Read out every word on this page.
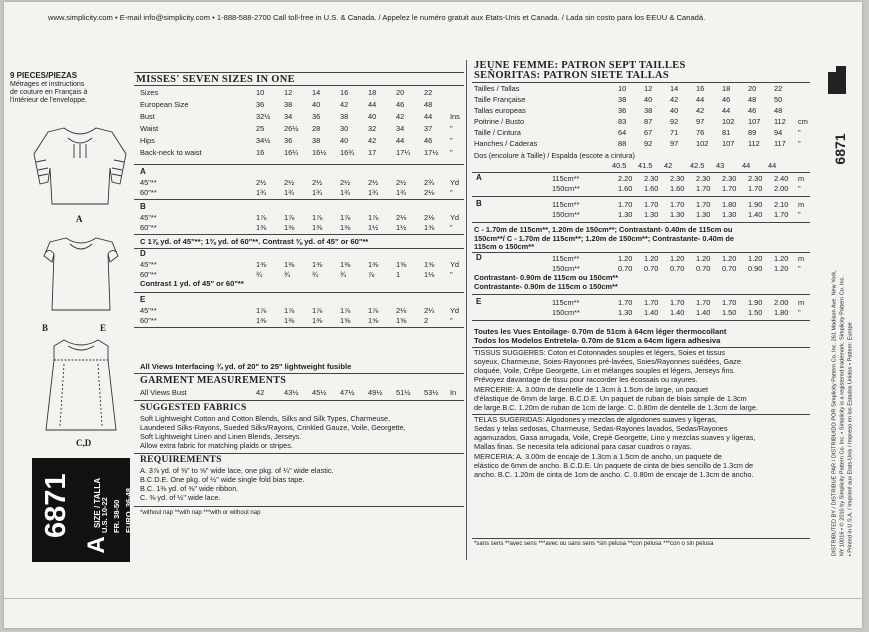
www.simplicity.com • E-mail info@simplicity.com • 1-888-588-2700 Call toll-free in U.S. & Canada. / Appelez le numéro gratuit aux Etats-Unis et Canada. / Lada sin costo para los EEUU & Canadá.
9 PIECES/PIEZAS
Métrages et instructions
de couture en Français à
l'intérieur de l'enveloppe.
A
B	E
C,D
6871	SIZE / TALLA
A
U.S. 10-22 FR. 38-50 EURO. 36-48
MISSES' SEVEN SIZES IN ONE
Sizes	10	12	14	16	18	20	22
European Size	36	38	40	42	44	46	48
Bust	32½ 34	36	38	40	42	44 Ins
Waist	25	26½ 28	30	32	34	37 "
Hips	34½ 36	38	40	42	44	46 "
Back-neck to waist	16	16¼ 16½ 16¾ 17	17¼ 17½ "
A
45"**	2½ 2½ 2½ 2½ 2½ 2½ 2¾ Yd
60"**	1¾ 1¾ 1¾ 1¾ 1¾ 1¾ 2⅛ "
B
45"**	1⅞ 1⅞ 1⅞ 1⅞ 1⅞ 2⅛ 2⅛ Yd
60"**	1⅜ 1⅜ 1⅜ 1⅜ 1½ 1½ 1⅝ "
C 1⅞ yd. of 45"**; 1⅜ yd. of 60"**. Contrast ⅜ yd. of 45" or 60"**
D
45"**	1⅜ 1⅜ 1⅜ 1⅜ 1⅜ 1⅝ 1⅝ Yd
60"**	¾	¾	¾	¾	⅞	1	1⅛ "
Contrast 1 yd. of 45" or 60"**
E
45"**	1⅞ 1⅞ 1⅞ 1⅞ 1⅞ 2⅛ 2¼ Yd
60"**	1⅜ 1⅜ 1⅜ 1⅝ 1⅝ 1⅝ 2	"
All Views Interfacing ¾ yd. of 20" to 25" lightweight fusible
GARMENT MEASUREMENTS
All Views Bust	42	43½ 45½ 47½ 49½ 51½ 53½ In
SUGGESTED FABRICS
Soft Lightweight Cotton and Cotton Blends, Silks and Silk Types, Charmeuse,
Laundered Silks-Rayons, Sueded Silks/Rayons, Crinkled Gauze, Voile, Georgette,
Soft Lightweight Linen and Linen Blends, Jerseys.
Allow extra fabric for matching plaids or stripes.
REQUIREMENTS
A. 3⅞ yd. of ⅜" to ⅝" wide lace, one pkg. of ¼" wide elastic.
B.C.D.E. One pkg. of ½" wide single fold bias tape.
B.C. 1⅜ yd. of ⅜" wide ribbon.
C. ⅜ yd. of ½" wide lace.
*without nap **with nap ***with or without nap
JEUNE FEMME: PATRON SEPT TAILLES
SEÑORITAS: PATRON SIETE TALLAS
Tailles / Tallas	10 12 14 16 18 20 22
Taille Française	38 40 42 44 46 48 50
Tallas europeas	36 38 40 42 44 46 48
Poitrine / Busto	83 87 92 97 102 107 112 cm
Taille / Cintura	64 67 71 76 81 89 94 "
Hanches / Caderas	88 92 97 102 107 112 117 "
Dos (encolure à Taille) / Espalda (escote a cintura)
40.5 41.5 42 42.5 43 44 44
A	115cm**	2.20 2.30 2.30 2.30 2.30 2.30 2.40 m
150cm**	1.60 1.60 1.60 1.70 1.70 1.70 2.00 "
B	115cm**	1.70 1.70 1.70 1.70 1.80 1.90 2.10 m
150cm**	1.30 1.30 1.30 1.30 1.30 1.40 1.70 "
C - 1.70m de 115cm**, 1.20m de 150cm**; Contrastant- 0.40m de 115cm ou
150cm**/ C - 1.70m de 115cm**; 1.20m de 150cm**; Contrastante- 0.40m de
115cm o 150cm**
D	115cm**	1.20 1.20 1.20 1.20 1.20 1.20 1.20 m
150cm**	0.70 0.70 0.70 0.70 0.70 0.90 1.20 "
Contrastant- 0.90m de 115cm ou 150cm**
Contrastante- 0.90m de 115cm o 150cm**
E	115cm**	1.70 1.70 1.70 1.70 1.70 1.90 2.00 m
150cm**	1.30 1.40 1.40 1.40 1.50 1.50 1.80 "
Toutes les Vues Entoilage- 0.70m de 51cm à 64cm léger thermocollant
Todos los Modelos Entretela- 0.70m de 51cm a 64cm ligera adhesiva
TISSUS SUGGERES: Coton et Cotonnades souples et légers, Soies et tissus
soyeux, Charmeuse, Soies-Rayonnes pré-lavées, Soies/Rayonnes suédées, Gaze
cloquée, Voile, Crêpe Georgette, Lin et mélanges souples et légers, Jerseys fins.
Prévoyez davantage de tissu pour raccorder les écossais ou rayures.
MERCERIE: A. 3.00m de dentelle de 1.3cm à 1.5cm de large, un paquet
d'élastique de 6mm de large. B.C.D.E. Un paquet de ruban de biais simple de 1.3cm
de large.B.C. 1.20m de ruban de 1cm de large. C. 0.80m de dentelle de 1.3cm de large.
TELAS SUGERIDAS: Algodones y mezclas de algodones suaves y ligeras,
Sedas y telas sedosas, Charmeuse, Sedas-Rayones lavados, Sedas/Rayones
agamuzados, Gasa arrugada, Voile, Crepé Georgette, Lino y mezclas suaves y ligeras,
Mallas finas. Se necesita tela adicional para casar cuadros o rayas.
MERCERIA: A. 3.00m de encaje de 1.3cm a 1.5cm de ancho, un paquete de
elástico de 6mm de ancho. B.C.D.E. Un paquete de cinta de bies sencillo de 1.3cm de
ancho. B.C. 1.20m de cinta de 1cm de ancho. C. 0.80m de encaje de 1.3cm de ancho.
*sans sens **avec sens ***avec ou sans sens *sin pelusa **con pelusa ***con o sin pelusa
6871
DISTRIBUTED BY / DISTRIBUÉ PAR / DISTRIBUIDO POR Simplicity Pattern Co. Inc. 261 Madison Ave. New York, NY 10016 • © 2010 by Simplicity Pattern Co. Inc. • Simplicity is a registered trademark. Simplicity Pattern Co. Inc. • Printed in U.S.A. / Imprimé aux Etats-Unis / Impreso en los Estados Unidos • Pattern: Europe
